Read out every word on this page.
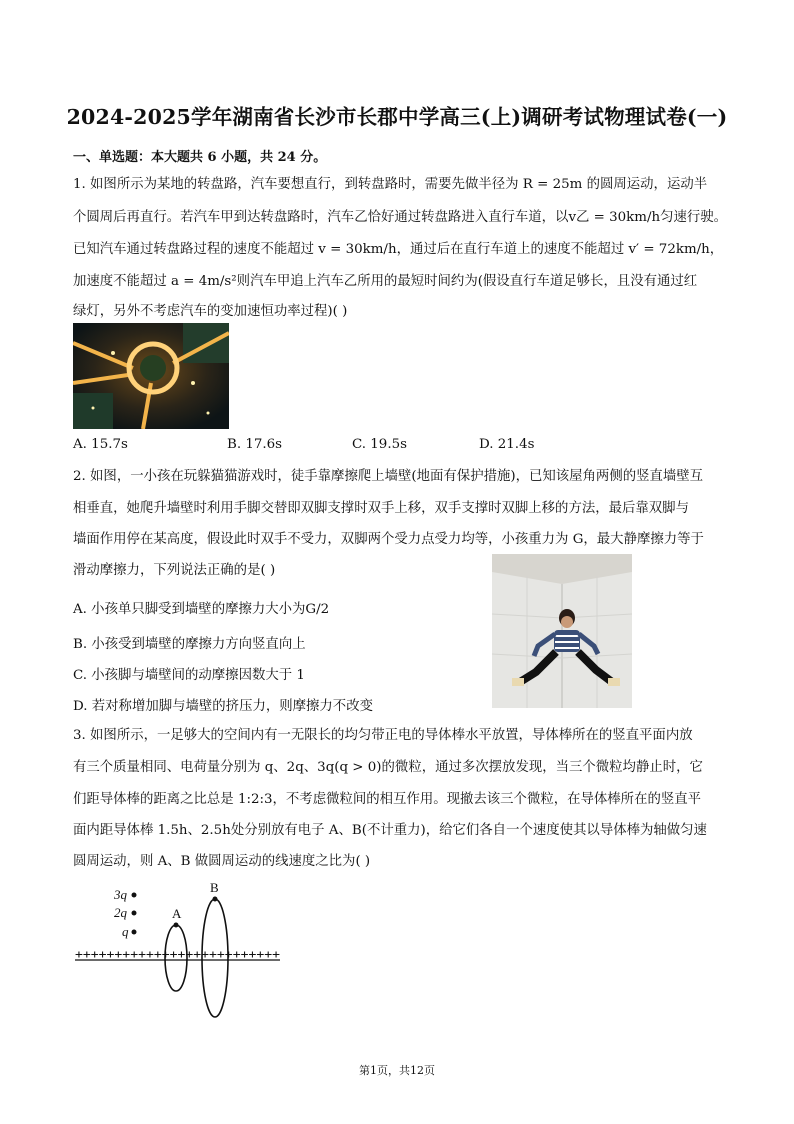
2024-2025学年湖南省长沙市长郡中学高三(上)调研考试物理试卷(一)
一、单选题：本大题共 6 小题，共 24 分。
1. 如图所示为某地的转盘路，汽车要想直行，到转盘路时，需要先做半径为 R = 25m 的圆周运动，运动半
个圆周后再直行。若汽车甲到达转盘路时，汽车乙恰好通过转盘路进入直行车道，以v乙 = 30km/h匀速行驶。
已知汽车通过转盘路过程的速度不能超过 v = 30km/h，通过后在直行车道上的速度不能超过 v′ = 72km/h，
加速度不能超过 a = 4m/s²则汽车甲追上汽车乙所用的最短时间约为(假设直行车道足够长，且没有通过红
绿灯，另外不考虑汽车的变加速恒功率过程)( )
A. 15.7s	B. 17.6s	C. 19.5s	D. 21.4s
2. 如图，一小孩在玩躲猫猫游戏时，徒手靠摩擦爬上墙壁(地面有保护措施)，已知该屋角两侧的竖直墙壁互
相垂直，她爬升墙壁时利用手脚交替即双脚支撑时双手上移，双手支撑时双脚上移的方法，最后靠双脚与
墙面作用停在某高度，假设此时双手不受力，双脚两个受力点受力均等，小孩重力为 G，最大静摩擦力等于
滑动摩擦力，下列说法正确的是( )
A. 小孩单只脚受到墙壁的摩擦力大小为G/2
B. 小孩受到墙壁的摩擦力方向竖直向上
C. 小孩脚与墙壁间的动摩擦因数大于 1
D. 若对称增加脚与墙壁的挤压力，则摩擦力不改变
3. 如图所示，一足够大的空间内有一无限长的均匀带正电的导体棒水平放置，导体棒所在的竖直平面内放
有三个质量相同、电荷量分别为 q、2q、3q(q > 0)的微粒，通过多次摆放发现，当三个微粒均静止时，它
们距导体棒的距离之比总是 1:2:3，不考虑微粒间的相互作用。现撤去该三个微粒，在导体棒所在的竖直平
面内距导体棒 1.5h、2.5h处分别放有电子 A、B(不计重力)，给它们各自一个速度使其以导体棒为轴做匀速
圆周运动，则 A、B 做圆周运动的线速度之比为( )
3q
2q
q
A
B
++++++++++++++++++++++++++
第1页，共12页
